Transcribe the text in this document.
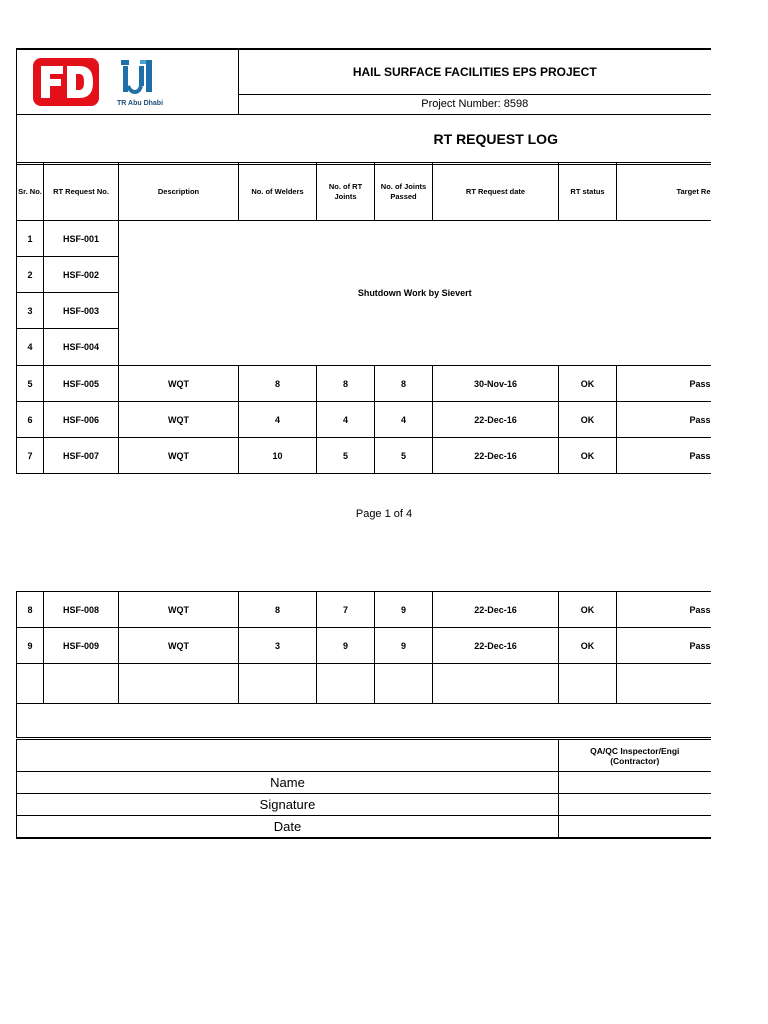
TR Abu Dhabi
	HAIL SURFACE FACILITIES EPS PROJECT
Project Number: 8598
RT REQUEST LOG
Sr. No.	RT Request No.	Description	No. of Welders	No. of RT Joints	No. of Joints Passed	RT Request date	RT status	Target Re
1	HSF-001	Shutdown Work by Sievert						
2	HSF-002							
3	HSF-003							
4	HSF-004							
5	HSF-005	WQT	8	8	8	30-Nov-16	OK	Pass
6	HSF-006	WQT	4	4	4	22-Dec-16	OK	Pass
7	HSF-007	WQT	10	5	5	22-Dec-16	OK	Pass
Page 1 of 4
8	HSF-008	WQT	8	7	9	22-Dec-16	OK	Pass
9	HSF-009	WQT	3	9	9	22-Dec-16	OK	Pass

	QA/QC Inspector/Engi
(Contractor)

Name	
Signature	
Date	
